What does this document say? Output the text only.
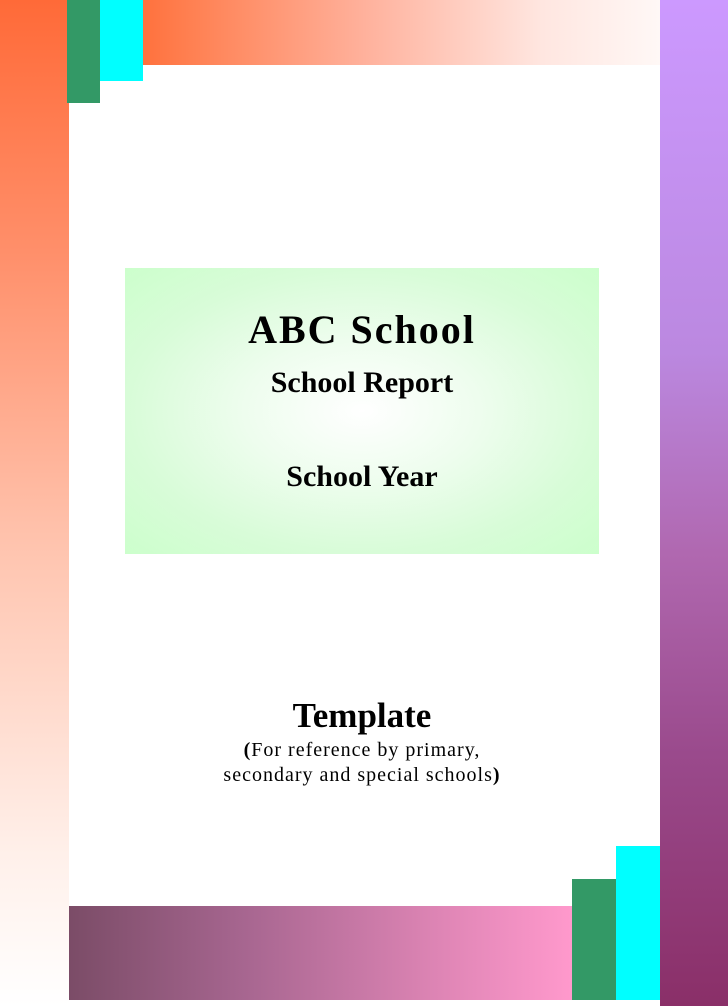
ABC School
School Report
School Year
Template
(For reference by primary,
secondary and special schools)
